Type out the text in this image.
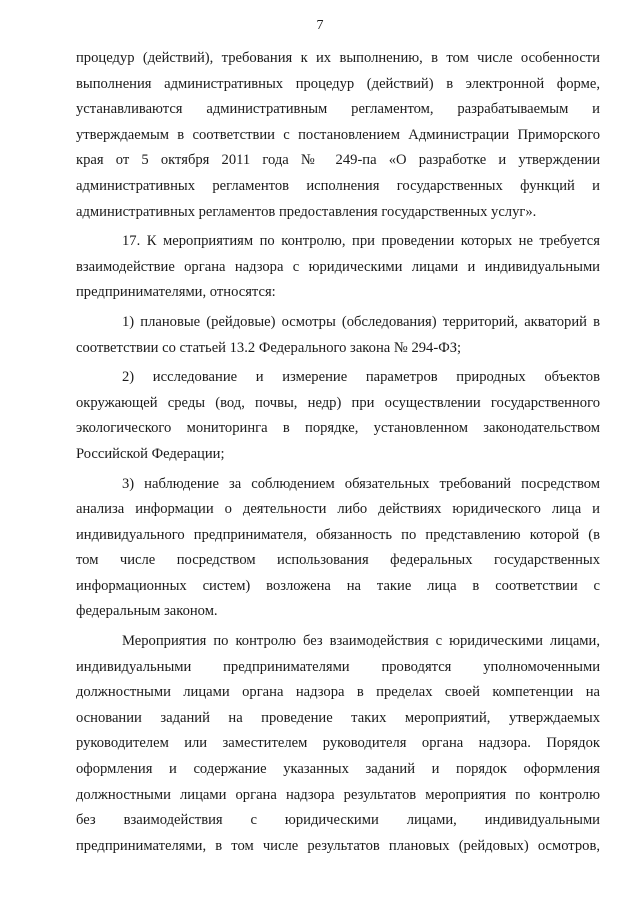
7
процедур (действий), требования к их выполнению, в том числе особенности
выполнения административных процедур (действий) в электронной форме,
устанавливаются административным регламентом, разрабатываемым и
утверждаемым в соответствии с постановлением Администрации Приморского
края от 5 октября 2011 года № 249-па «О разработке и утверждении
административных регламентов исполнения государственных функций и
административных регламентов предоставления государственных услуг».
17. К мероприятиям по контролю, при проведении которых не требуется
взаимодействие органа надзора с юридическими лицами и индивидуальными
предпринимателями, относятся:
1) плановые (рейдовые) осмотры (обследования) территорий, акваторий в
соответствии со статьей 13.2 Федерального закона № 294-ФЗ;
2) исследование и измерение параметров природных объектов
окружающей среды (вод, почвы, недр) при осуществлении государственного
экологического мониторинга в порядке, установленном законодательством
Российской Федерации;
3) наблюдение за соблюдением обязательных требований посредством
анализа информации о деятельности либо действиях юридического лица и
индивидуального предпринимателя, обязанность по представлению которой (в
том числе посредством использования федеральных государственных
информационных систем) возложена на такие лица в соответствии с
федеральным законом.
Мероприятия по контролю без взаимодействия с юридическими лицами,
индивидуальными предпринимателями проводятся уполномоченными
должностными лицами органа надзора в пределах своей компетенции на
основании заданий на проведение таких мероприятий, утверждаемых
руководителем или заместителем руководителя органа надзора. Порядок
оформления и содержание указанных заданий и порядок оформления
должностными лицами органа надзора результатов мероприятия по контролю
без взаимодействия с юридическими лицами, индивидуальными
предпринимателями, в том числе результатов плановых (рейдовых) осмотров,
